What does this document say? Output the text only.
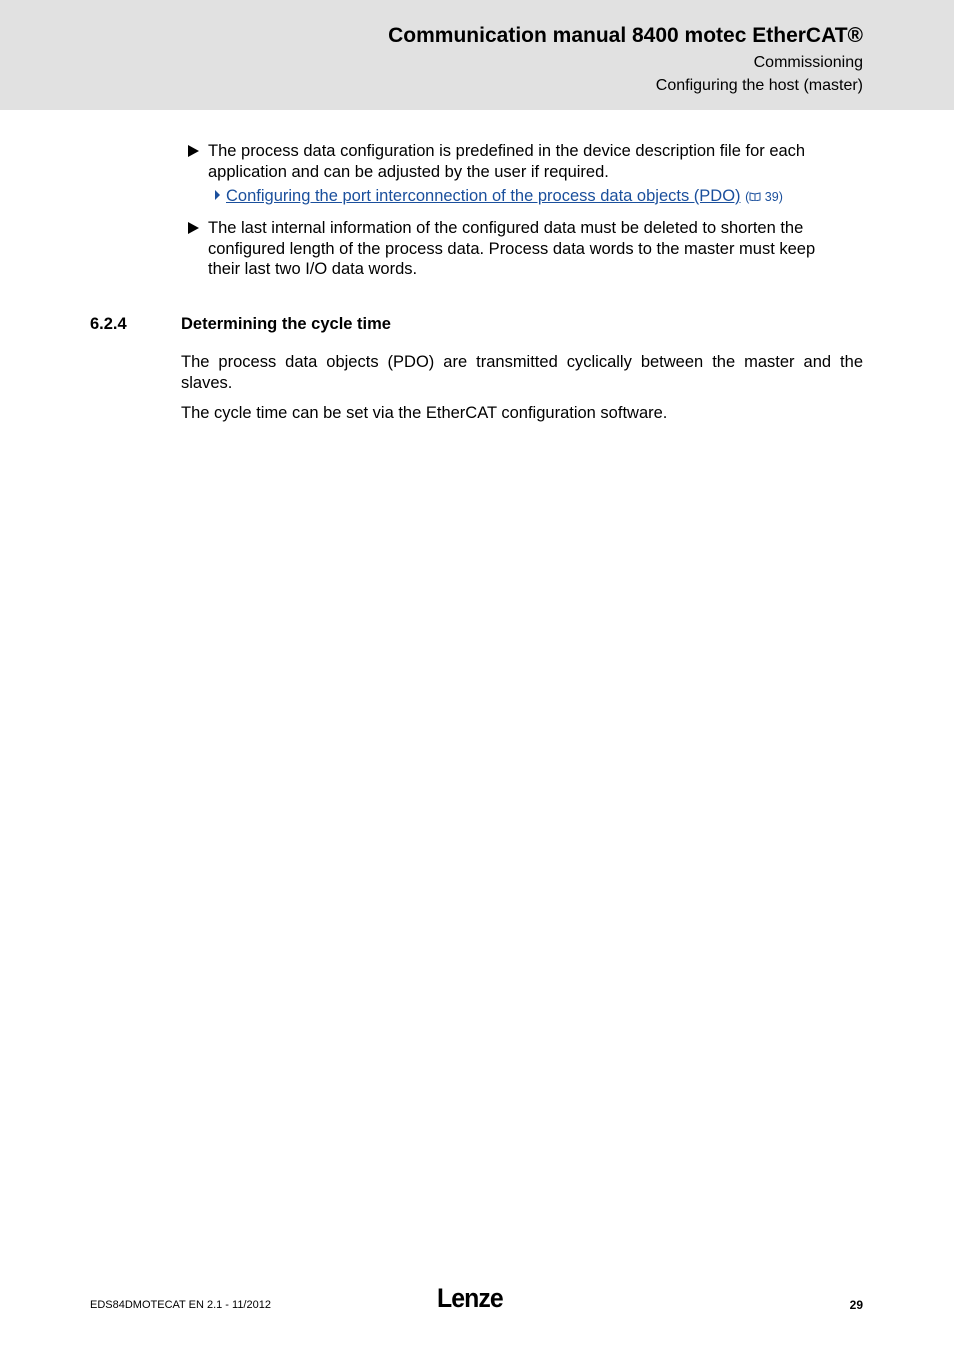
Communication manual 8400 motec EtherCAT®
Commissioning
Configuring the host (master)
The process data configuration is predefined in the device description file for each application and can be adjusted by the user if required.
Configuring the port interconnection of the process data objects (PDO) ( 39)
The last internal information of the configured data must be deleted to shorten the configured length of the process data. Process data words to the master must keep their last two I/O data words.
6.2.4	Determining the cycle time
The process data objects (PDO) are transmitted cyclically between the master and the slaves.
The cycle time can be set via the EtherCAT configuration software.
EDS84DMOTECAT EN 2.1 - 11/2012	Lenze	29
